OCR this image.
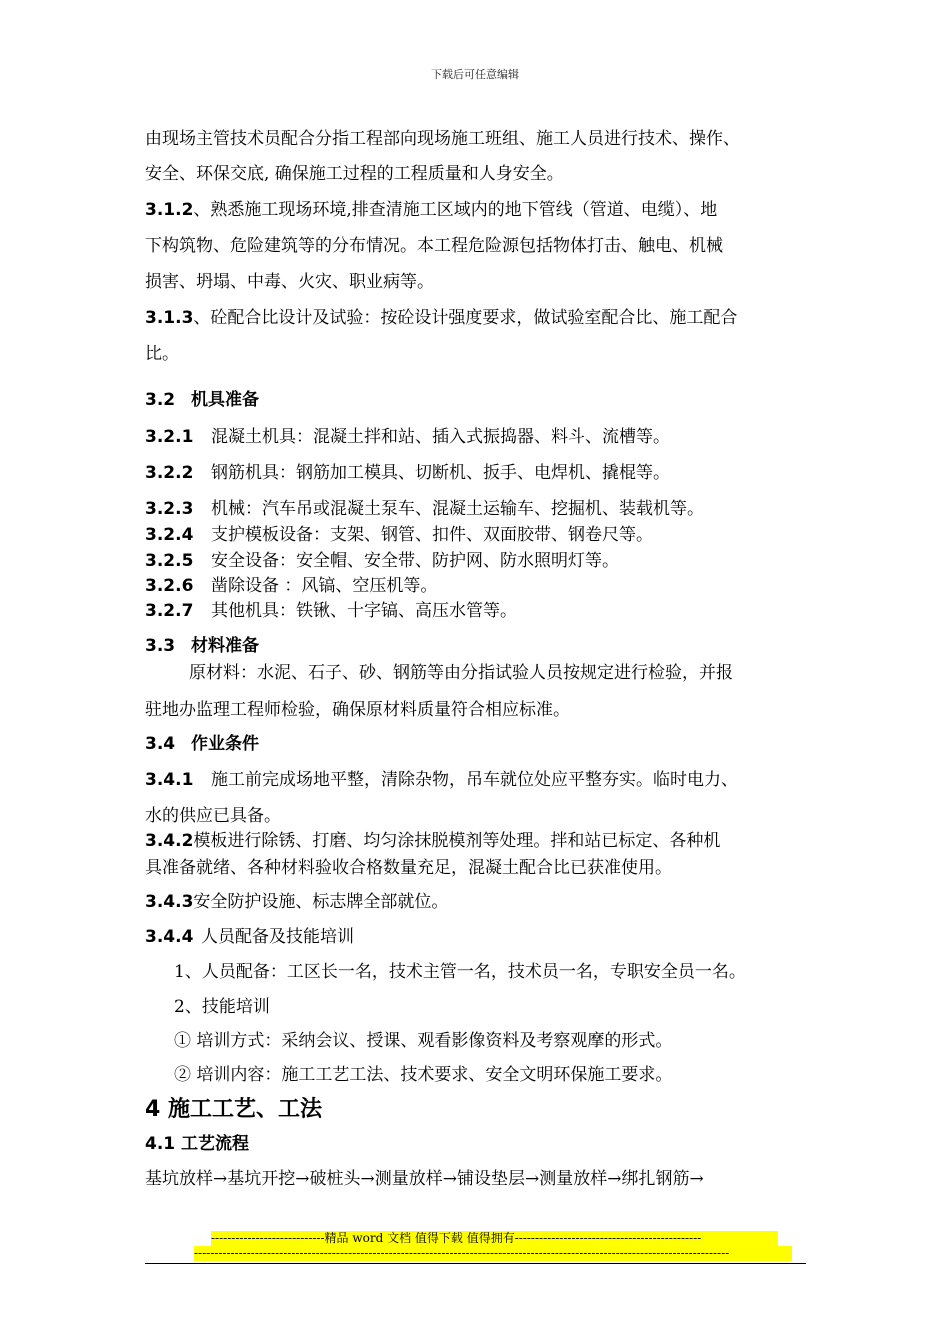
下载后可任意编辑
由现场主管技术员配合分指工程部向现场施工班组、施工人员进行技术、操作、
安全、环保交底, 确保施工过程的工程质量和人身安全。
3.1.2、熟悉施工现场环境,排查清施工区域内的地下管线（管道、电缆）、地
下构筑物、危险建筑等的分布情况。本工程危险源包括物体打击、触电、机械
损害、坍塌、中毒、火灾、职业病等。
3.1.3、砼配合比设计及试验：按砼设计强度要求，做试验室配合比、施工配合
比。
3.2 机具准备
3.2.1 混凝土机具：混凝土拌和站、插入式振捣器、料斗、流槽等。
3.2.2 钢筋机具：钢筋加工模具、切断机、扳手、电焊机、撬棍等。
3.2.3 机械：汽车吊或混凝土泵车、混凝土运输车、挖掘机、装载机等。
3.2.4 支护模板设备：支架、钢管、扣件、双面胶带、钢卷尺等。
3.2.5 安全设备：安全帽、安全带、防护网、防水照明灯等。
3.2.6 凿除设备 ：风镐、空压机等。
3.2.7 其他机具：铁锹、十字镐、高压水管等。
3.3 材料准备
原材料：水泥、石子、砂、钢筋等由分指试验人员按规定进行检验，并报
驻地办监理工程师检验，确保原材料质量符合相应标准。
3.4 作业条件
3.4.1 施工前完成场地平整，清除杂物，吊车就位处应平整夯实。临时电力、
水的供应已具备。
3.4.2模板进行除锈、打磨、均匀涂抹脱模剂等处理。拌和站已标定、各种机
具准备就绪、各种材料验收合格数量充足，混凝土配合比已获准使用。
3.4.3安全防护设施、标志牌全部就位。
3.4.4 人员配备及技能培训
1、人员配备：工区长一名，技术主管一名，技术员一名，专职安全员一名。
2、技能培训
① 培训方式：采纳会议、授课、观看影像资料及考察观摩的形式。
② 培训内容：施工工艺工法、技术要求、安全文明环保施工要求。
4 施工工艺、工法
4.1 工艺流程
基坑放样→基坑开挖→破桩头→测量放样→铺设垫层→测量放样→绑扎钢筋→
----------------------------精品 word 文档 值得下载 值得拥有----------------------------------------------
------------------------------------------------------------------------------------------------------------------------------------
